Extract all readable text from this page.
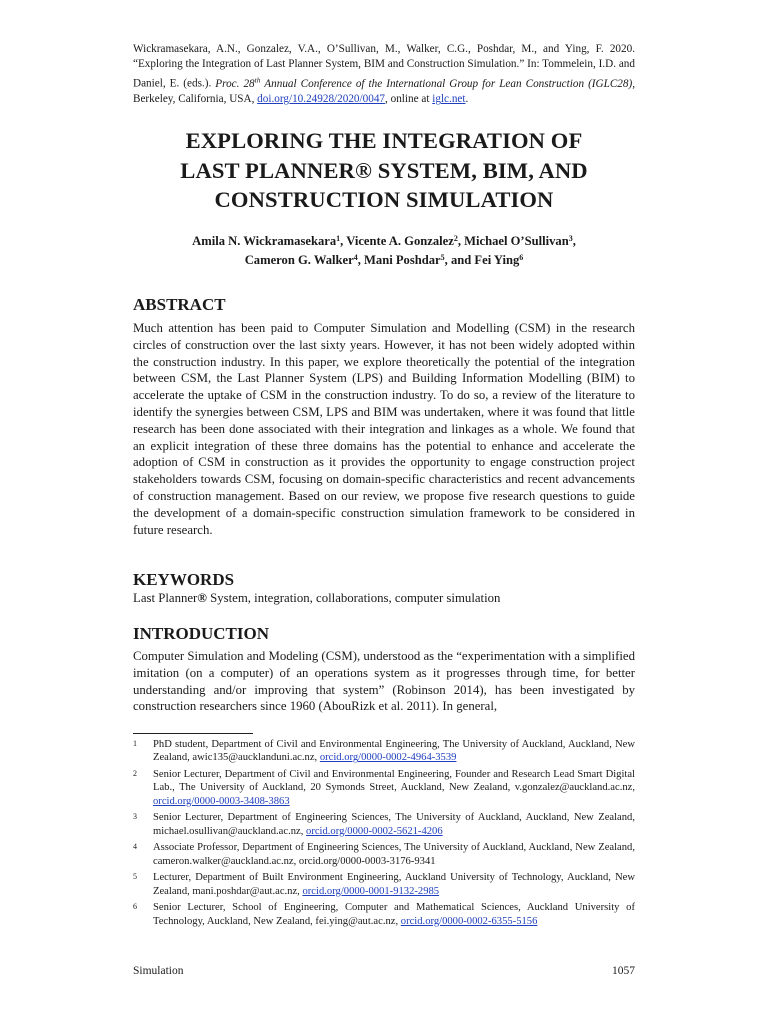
Wickramasekara, A.N., Gonzalez, V.A., O’Sullivan, M., Walker, C.G., Poshdar, M., and Ying, F. 2020. “Exploring the Integration of Last Planner System, BIM and Construction Simulation.” In: Tommelein, I.D. and Daniel, E. (eds.). Proc. 28th Annual Conference of the International Group for Lean Construction (IGLC28), Berkeley, California, USA, doi.org/10.24928/2020/0047, online at iglc.net.
EXPLORING THE INTEGRATION OF
LAST PLANNER® SYSTEM, BIM, AND
CONSTRUCTION SIMULATION
Amila N. Wickramasekara$^1$, Vicente A. Gonzalez$^2$, Michael O’Sullivan$^3$,
Cameron G. Walker$^4$, Mani Poshdar$^5$, and Fei Ying$^6$
ABSTRACT
Much attention has been paid to Computer Simulation and Modelling (CSM) in the research circles of construction over the last sixty years. However, it has not been widely adopted within the construction industry. In this paper, we explore theoretically the potential of the integration between CSM, the Last Planner System (LPS) and Building Information Modelling (BIM) to accelerate the uptake of CSM in the construction industry. To do so, a review of the literature to identify the synergies between CSM, LPS and BIM was undertaken, where it was found that little research has been done associated with their integration and linkages as a whole. We found that an explicit integration of these three domains has the potential to enhance and accelerate the adoption of CSM in construction as it provides the opportunity to engage construction project stakeholders towards CSM, focusing on domain-specific characteristics and recent advancements of construction management. Based on our review, we propose five research questions to guide the development of a domain-specific construction simulation framework to be considered in future research.
KEYWORDS
Last Planner® System, integration, collaborations, computer simulation
INTRODUCTION
Computer Simulation and Modeling (CSM), understood as the “experimentation with a simplified imitation (on a computer) of an operations system as it progresses through time, for better understanding and/or improving that system” (Robinson 2014), has been investigated by construction researchers since 1960 (AbouRizk et al. 2011). In general,
1	PhD student, Department of Civil and Environmental Engineering, The University of Auckland, Auckland, New Zealand, awic135@aucklanduni.ac.nz, orcid.org/0000-0002-4964-3539
2	Senior Lecturer, Department of Civil and Environmental Engineering, Founder and Research Lead Smart Digital Lab., The University of Auckland, 20 Symonds Street, Auckland, New Zealand, v.gonzalez@auckland.ac.nz, orcid.org/0000-0003-3408-3863
3	Senior Lecturer, Department of Engineering Sciences, The University of Auckland, Auckland, New Zealand, michael.osullivan@auckland.ac.nz, orcid.org/0000-0002-5621-4206
4	Associate Professor, Department of Engineering Sciences, The University of Auckland, Auckland, New Zealand, cameron.walker@auckland.ac.nz, orcid.org/0000-0003-3176-9341
5	Lecturer, Department of Built Environment Engineering, Auckland University of Technology, Auckland, New Zealand, mani.poshdar@aut.ac.nz, orcid.org/0000-0001-9132-2985
6	Senior Lecturer, School of Engineering, Computer and Mathematical Sciences, Auckland University of Technology, Auckland, New Zealand, fei.ying@aut.ac.nz, orcid.org/0000-0002-6355-5156
Simulation	1057
